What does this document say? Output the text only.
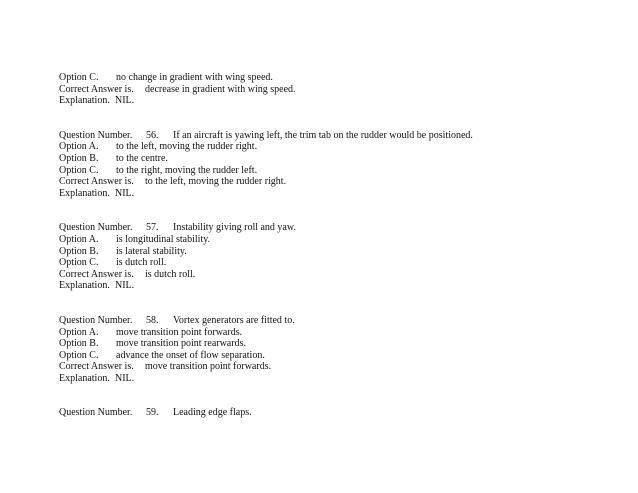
Option C. no change in gradient with wing speed.
Correct Answer is. decrease in gradient with wing speed.
Explanation. NIL.
Question Number. 56. If an aircraft is yawing left, the trim tab on the rudder would be positioned.
Option A. to the left, moving the rudder right.
Option B. to the centre.
Option C. to the right, moving the rudder left.
Correct Answer is. to the left, moving the rudder right.
Explanation. NIL.
Question Number. 57. Instability giving roll and yaw.
Option A. is longitudinal stability.
Option B. is lateral stability.
Option C. is dutch roll.
Correct Answer is. is dutch roll.
Explanation. NIL.
Question Number. 58. Vortex generators are fitted to.
Option A. move transition point forwards.
Option B. move transition point rearwards.
Option C. advance the onset of flow separation.
Correct Answer is. move transition point forwards.
Explanation. NIL.
Question Number. 59. Leading edge flaps.
